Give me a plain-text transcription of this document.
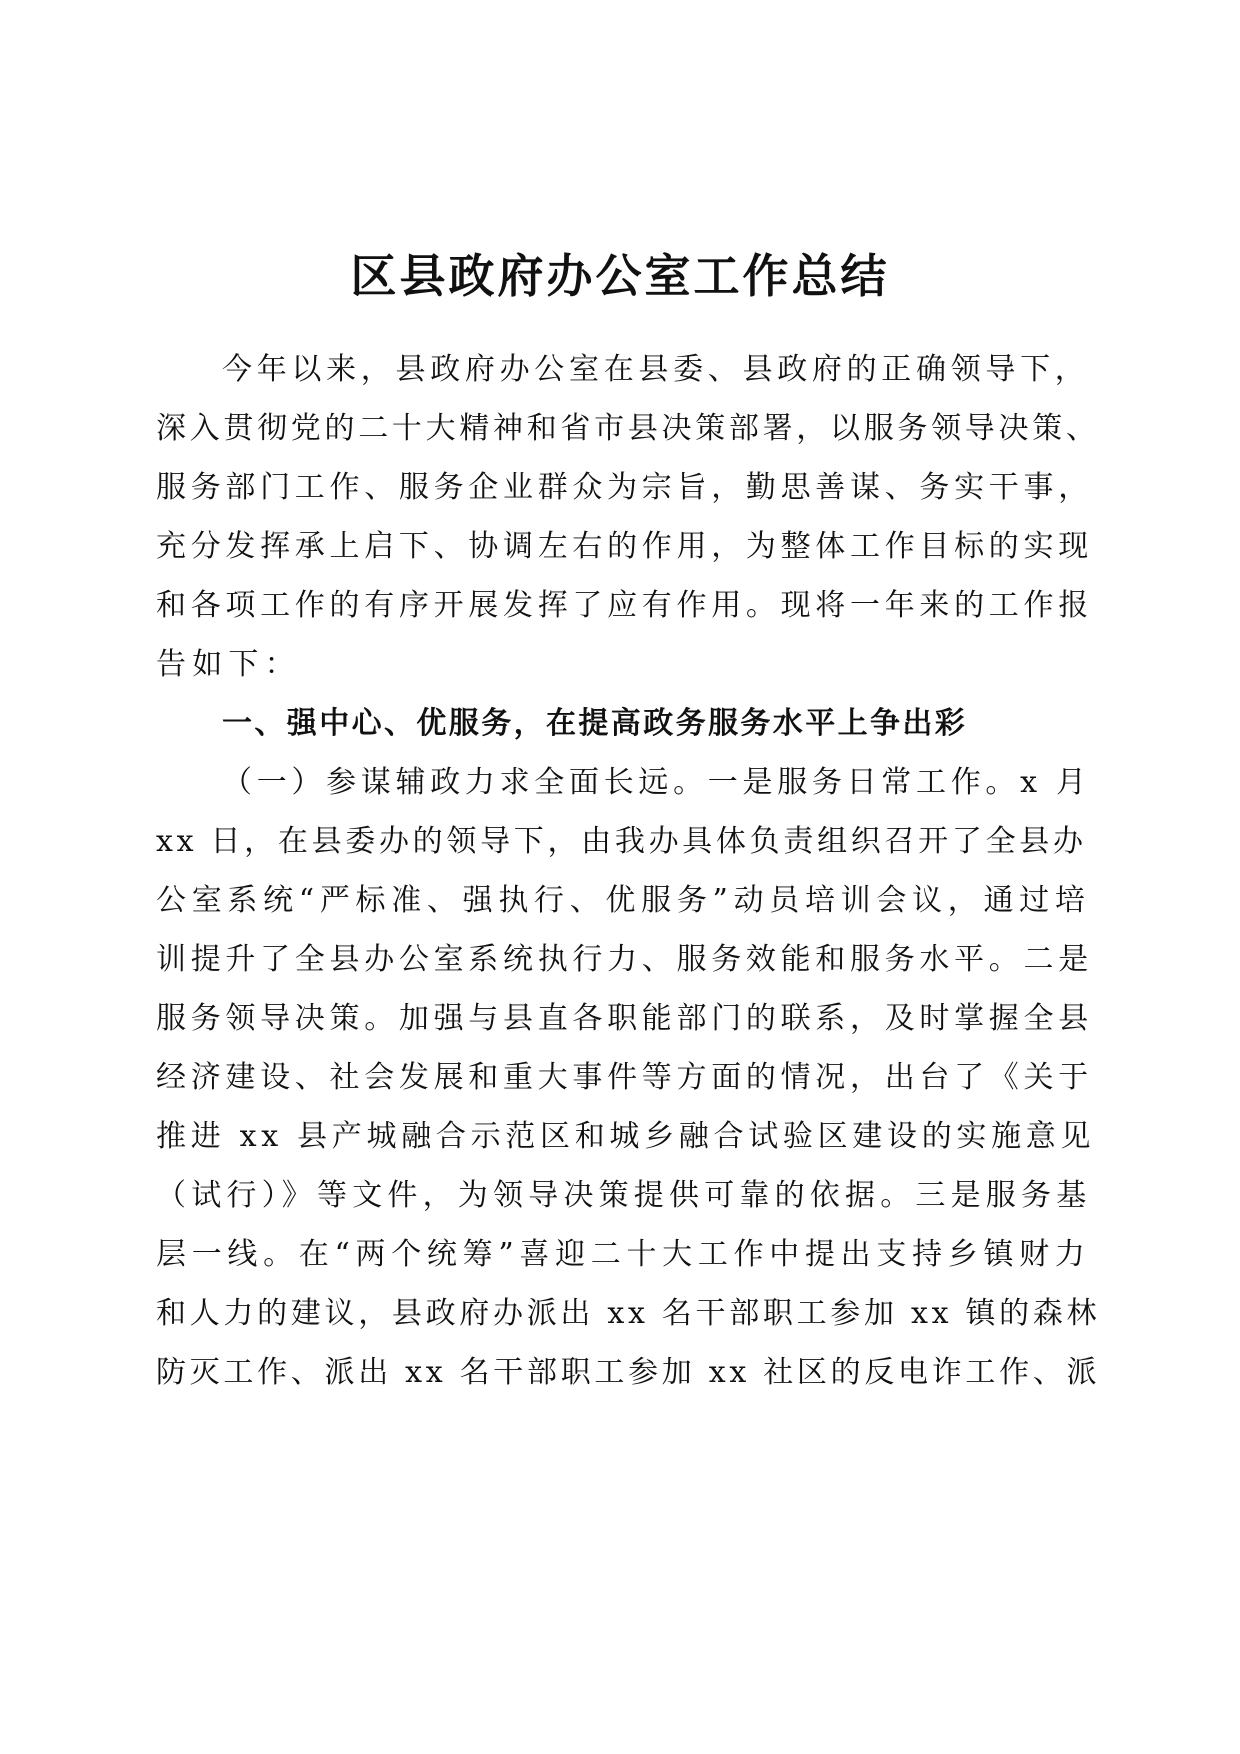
区县政府办公室工作总结

今年以来，县政府办公室在县委、县政府的正确领导下，

深入贯彻党的二十大精神和省市县决策部署，以服务领导决策、

服务部门工作、服务企业群众为宗旨，勤思善谋、务实干事，

充分发挥承上启下、协调左右的作用，为整体工作目标的实现

和各项工作的有序开展发挥了应有作用。现将一年来的工作报

告如下：

一、强中心、优服务，在提高政务服务水平上争出彩

（一）参谋辅政力求全面长远。一是服务日常工作。x 月

xx 日，在县委办的领导下，由我办具体负责组织召开了全县办

公室系统“严标准、强执行、优服务”动员培训会议，通过培

训提升了全县办公室系统执行力、服务效能和服务水平。二是

服务领导决策。加强与县直各职能部门的联系，及时掌握全县

经济建设、社会发展和重大事件等方面的情况，出台了《关于

推进 xx 县产城融合示范区和城乡融合试验区建设的实施意见

（试行）》等文件，为领导决策提供可靠的依据。三是服务基

层一线。在“两个统筹”喜迎二十大工作中提出支持乡镇财力

和人力的建议，县政府办派出 xx 名干部职工参加 xx 镇的森林

防灭工作、派出 xx 名干部职工参加 xx 社区的反电诈工作、派
